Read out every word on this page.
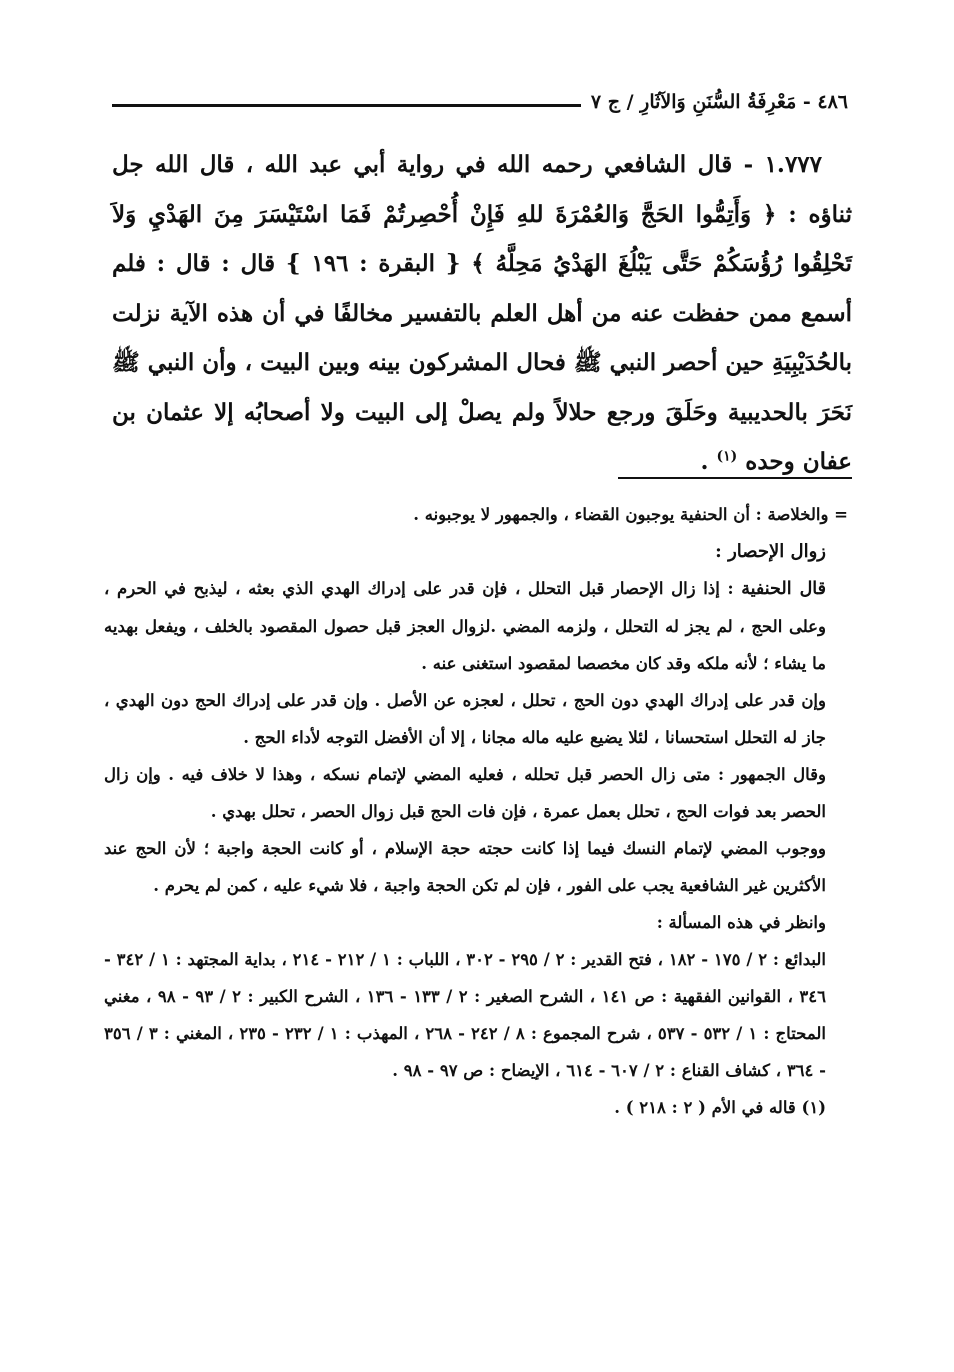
٤٨٦ - مَعْرِفَةُ السُّنَنِ وَالآثَارِ / ج ٧

١.٧٧٧ - قال الشافعي رحمه الله في رواية أبي عبد الله ، قال الله جل ثناؤه : ﴿ وَأَتِمُّوا الحَجَّ وَالعُمْرَةَ للهِ فَإِنْ أُحْصِرتُمْ فَمَا اسْتَيْسَرَ مِنَ الهَدْيِ وَلاَ تَحْلِقُوا رُؤُسَكُمْ حَتَّى يَبْلُغَ الهَدْيُ مَحِلَّهُ ﴾ { البقرة : ١٩٦ } قال : قال : فلم أسمع ممن حفظت عنه من أهل العلم بالتفسير مخالفًا في أن هذه الآية نزلت بالحُدَيْبِيَةِ حين أحصر النبي ﷺ فحال المشركون بينه وبين البيت ، وأن النبي ﷺ نَحَرَ بالحديبية وحَلَقَ ورجع حلالاً ولم يصلْ إلى البيت ولا أصحابُه إلا عثمان بن عفان وحده $^{(١)}$ .

= والخلاصة : أن الحنفية يوجبون القضاء ، والجمهور لا يوجبونه .

زوال الإحصار :

قال الحنفية : إذا زال الإحصار قبل التحلل ، فإن قدر على إدراك الهدي الذي بعثه ، ليذبح في الحرم ، وعلى الحج ، لم يجز له التحلل ، ولزمه المضي .لزوال العجز قبل حصول المقصود بالخلف ، ويفعل بهديه ما يشاء ؛ لأنه ملكه وقد كان مخصصا لمقصود استغنى عنه .

وإن قدر على إدراك الهدي دون الحج ، تحلل ، لعجزه عن الأصل . وإن قدر على إدراك الحج دون الهدي ، جاز له التحلل استحسانا ، لئلا يضيع عليه ماله مجانا ، إلا أن الأفضل التوجه لأداء الحج .

وقال الجمهور : متى زال الحصر قبل تحلله ، فعليه المضي لإتمام نسكه ، وهذا لا خلاف فيه . وإن زال الحصر بعد فوات الحج ، تحلل بعمل عمرة ، فإن فات الحج قبل زوال الحصر ، تحلل بهدي .

ووجوب المضي لإتمام النسك فيما إذا كانت حجته حجة الإسلام ، أو كانت الحجة واجبة ؛ لأن الحج عند الأكثرين غير الشافعية يجب على الفور ، فإن لم تكن الحجة واجبة ، فلا شيء عليه ، كمن لم يحرم .

وانظر في هذه المسألة :

البدائع : ٢ / ١٧٥ - ١٨٢ ، فتح القدير : ٢ / ٢٩٥ - ٣٠٢ ، اللباب : ١ / ٢١٢ - ٢١٤ ، بداية المجتهد : ١ / ٣٤٢ - ٣٤٦ ، القوانين الفقهية : ص ١٤١ ، الشرح الصغير : ٢ / ١٣٣ - ١٣٦ ، الشرح الكبير : ٢ / ٩٣ - ٩٨ ، مغني المحتاج : ١ / ٥٣٢ - ٥٣٧ ، شرح المجموع : ٨ / ٢٤٢ - ٢٦٨ ، المهذب : ١ / ٢٣٢ - ٢٣٥ ، المغني : ٣ / ٣٥٦ - ٣٦٤ ، كشاف القناع : ٢ / ٦٠٧ - ٦١٤ ، الإيضاح : ص ٩٧ - ٩٨ .

(١) قاله في الأم ( ٢ : ٢١٨ ) .
